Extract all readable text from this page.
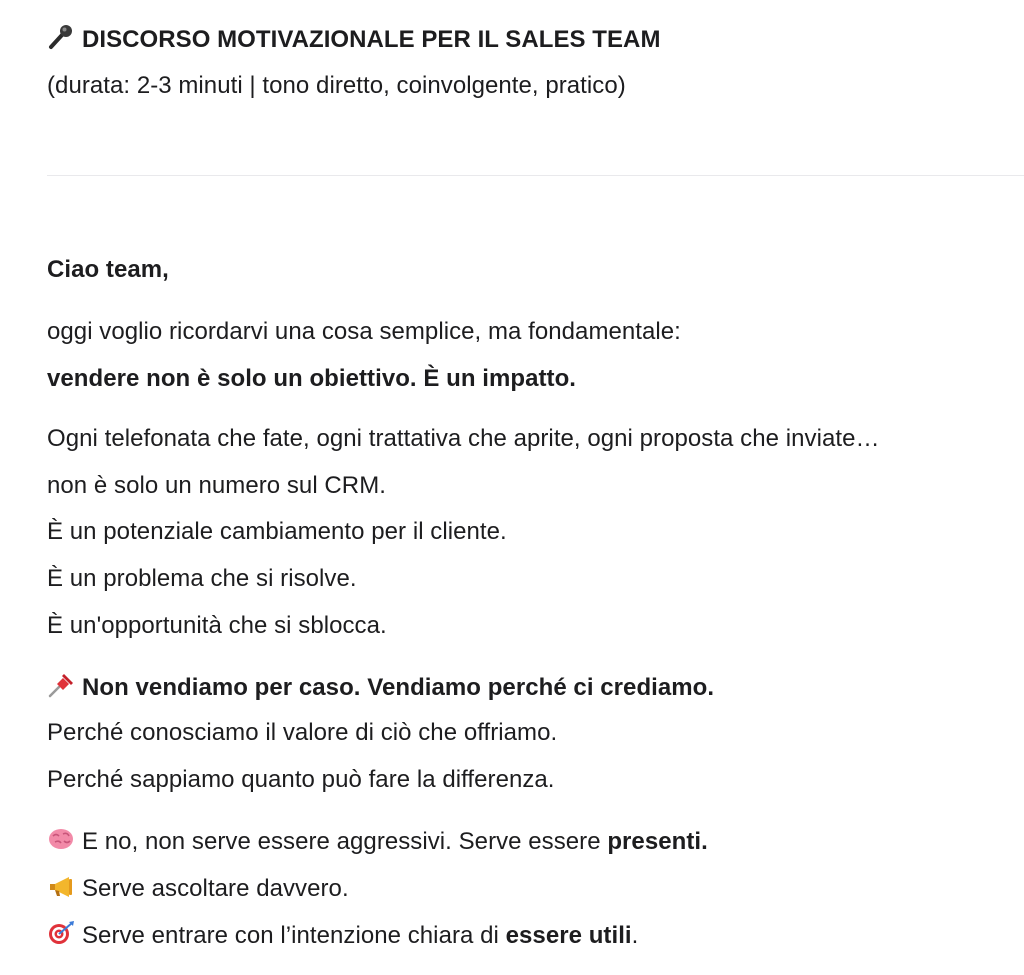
DISCORSO MOTIVAZIONALE PER IL SALES TEAM
(durata: 2-3 minuti | tono diretto, coinvolgente, pratico)
Ciao team,
oggi voglio ricordarvi una cosa semplice, ma fondamentale:
vendere non è solo un obiettivo. È un impatto.
Ogni telefonata che fate, ogni trattativa che aprite, ogni proposta che inviate…
non è solo un numero sul CRM.
È un potenziale cambiamento per il cliente.
È un problema che si risolve.
È un'opportunità che si sblocca.
Non vendiamo per caso. Vendiamo perché ci crediamo.
Perché conosciamo il valore di ciò che offriamo.
Perché sappiamo quanto può fare la differenza.
E no, non serve essere aggressivi. Serve essere presenti.
Serve ascoltare davvero.
Serve entrare con l’intenzione chiara di essere utili.
